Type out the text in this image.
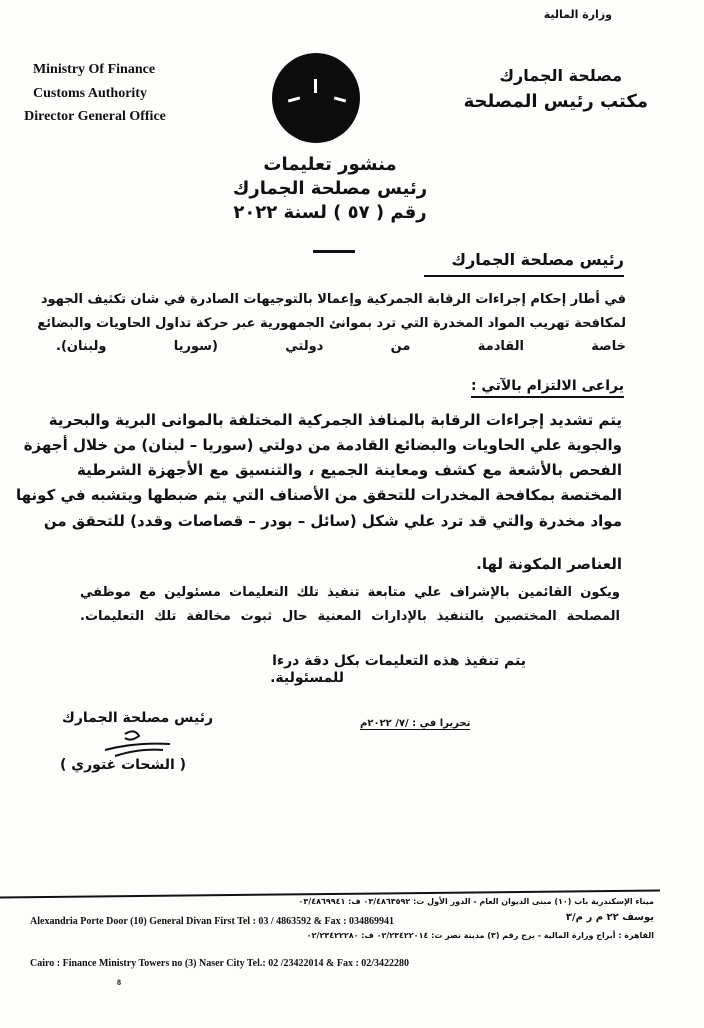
وزارة المالية
مصلحة الجمارك
مكتب رئيس المصلحة
Ministry Of Finance
Customs Authority
Director General Office
منشور تعليمات
رئيس مصلحة الجمارك
رقم ( ٥٧ ) لسنة ٢٠٢٢
رئيس مصلحة الجمارك
في أطار إحكام إجراءات الرقابة الجمركية وإعمالا بالتوجيهات الصادرة في شان تكثيف الجهود
لمكافحة تهريب المواد المخدرة التي ترد بموانئ الجمهورية عبر حركة تداول الحاويات والبضائع
خاصة القادمة من دولتي (سوريا ولبنان).
يراعى الالتزام بالآتي :
يتم تشديد إجراءات الرقابة بالمنافذ الجمركية المختلفة بالموانى البرية والبحرية
والجوية علي الحاويات والبضائع القادمة من دولتي (سوريا – لبنان) من خلال أجهزة
الفحص بالأشعة مع كشف ومعاينة الجميع ، والتنسيق مع الأجهزة الشرطية
المختصة بمكافحة المخدرات للتحقق من الأصناف التي يتم ضبطها ويتشبه في كونها
مواد مخدرة والتي قد ترد علي شكل (سائل – بودر – قصاصات وقدد) للتحقق من
العناصر المكونة لها.
ويكون القائمين بالإشراف علي متابعة تنفيذ تلك التعليمات مسئولين مع موظفي
المصلحة المختصين بالتنفيذ بالإدارات المعنية حال ثبوت مخالفة تلك التعليمات.
يتم تنفيذ هذه التعليمات بكل دقة درءا
للمسئولية.
رئيس مصلحة الجمارك
( الشحات غتوري )
تحريرا في : /٧/ ٢٠٢٢م
ميناء الإسكندرية باب (١٠) مبنى الديوان العام - الدور الأول ت: ٠٣/٤٨٦٣٥٩٢ ف: ٠٣/٤٨٦٩٩٤١
يوسف ٢٢ م ر م/٣
Alexandria Porte Door (10) General Divan First Tel : 03 / 4863592 & Fax : 034869941
القاهرة : أبراج وزارة المالية - برج رقم (٣) مدينة نصر ت: ٠٢/٢٣٤٢٢٠١٤ ف: ٠٢/٢٣٤٢٢٢٨٠
Cairo : Finance Ministry Towers no (3) Naser City Tel.: 02 /23422014 & Fax : 02/3422280
8
